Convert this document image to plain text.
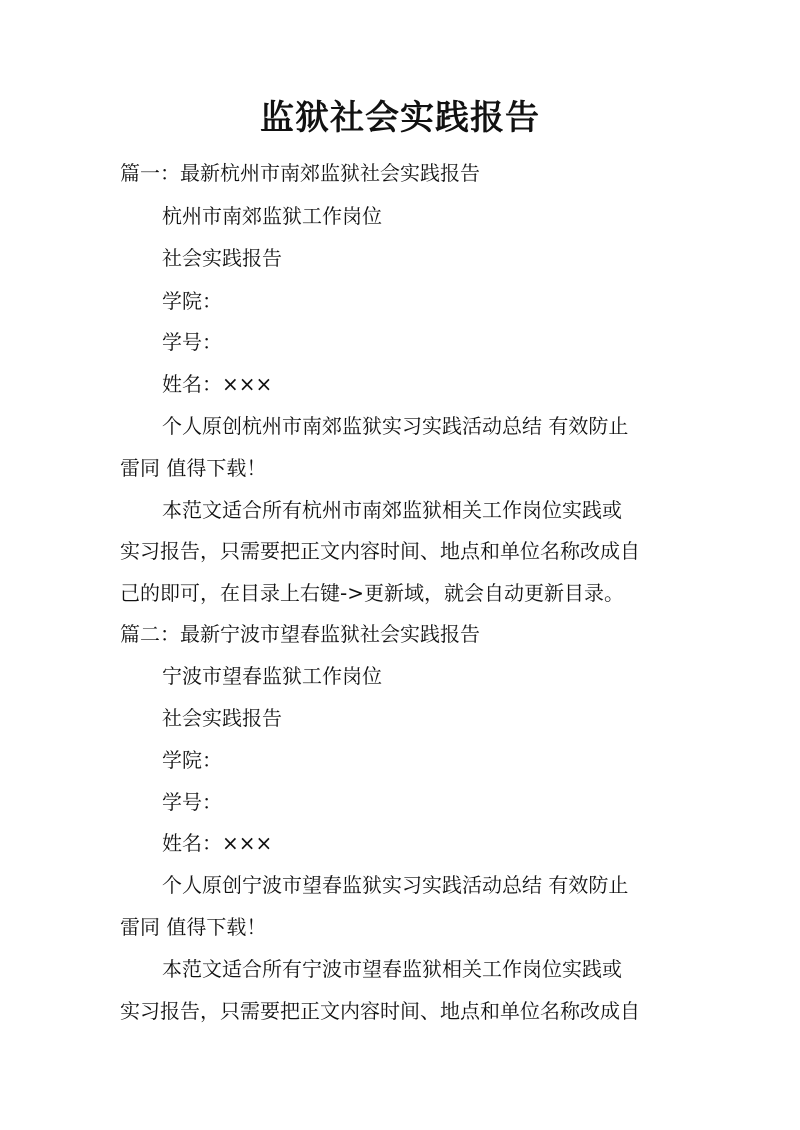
监狱社会实践报告
篇一：最新杭州市南郊监狱社会实践报告
杭州市南郊监狱工作岗位
社会实践报告
学院：
学号：
姓名：×××
个人原创杭州市南郊监狱实习实践活动总结 有效防止
雷同 值得下载！
本范文适合所有杭州市南郊监狱相关工作岗位实践或
实习报告，只需要把正文内容时间、地点和单位名称改成自
己的即可，在目录上右键->更新域，就会自动更新目录。
篇二：最新宁波市望春监狱社会实践报告
宁波市望春监狱工作岗位
社会实践报告
学院：
学号：
姓名：×××
个人原创宁波市望春监狱实习实践活动总结 有效防止
雷同 值得下载！
本范文适合所有宁波市望春监狱相关工作岗位实践或
实习报告，只需要把正文内容时间、地点和单位名称改成自
